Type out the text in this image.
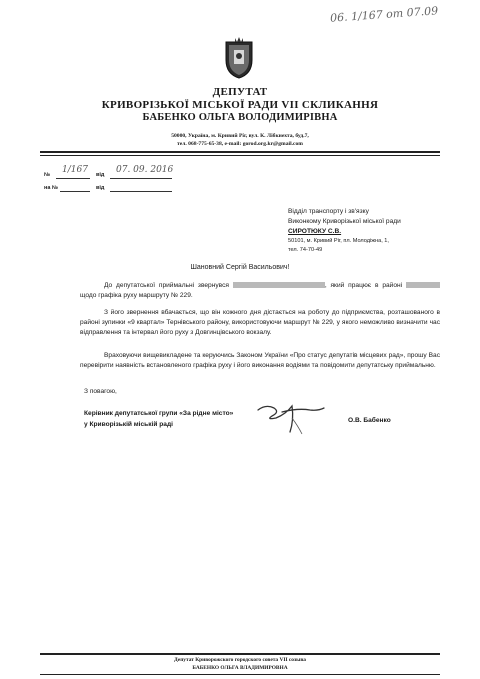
06. 1/167 от 07.09
ДЕПУТАТ
КРИВОРІЗЬКОЇ МІСЬКОЇ РАДИ VII СКЛИКАННЯ
БАБЕНКО ОЛЬГА ВОЛОДИМИРІВНА
50000, Україна, м. Кривий Ріг, вул. К. Лібкнехта, буд.7,
тел. 068-775-65-38, e-mail: gorod.org.kr@gmail.com
№ 1/167 від 07. 09. 2016
на №	від
Відділ транспорту і зв'язку
Виконкому Криворізької міської ради
СИРОТЮКУ С.В.
50101, м. Кривий Ріг, пл. Молодіжна, 1,
тел. 74-70-49
Шановний Сергій Васильович!
До депутатської приймальні звернувся	, який працює в районі  щодо графіка руху маршруту № 229.
З його звернення вбачається, що він кожного дня дістається на роботу до підприємства, розташованого в районі зупинки «9 квартал» Тернівського району, використовуючи маршрут № 229, у якого неможливо визначити час відправлення та інтервал його руху з Довгинцівського вокзалу.
Враховуючи вищевикладене та керуючись Законом України «Про статус депутатів місцевих рад», прошу Вас перевірити наявність встановленого графіка руху і його виконання водіями та повідомити депутатську приймальню.
З повагою,
Керівник депутатської групи «За рідне місто»
у Криворізькій міській раді
О.В. Бабенко
Депутат Криворожского городского совета VII созыва
БАБЕНКО ОЛЬГА ВЛАДИМИРОВНА
